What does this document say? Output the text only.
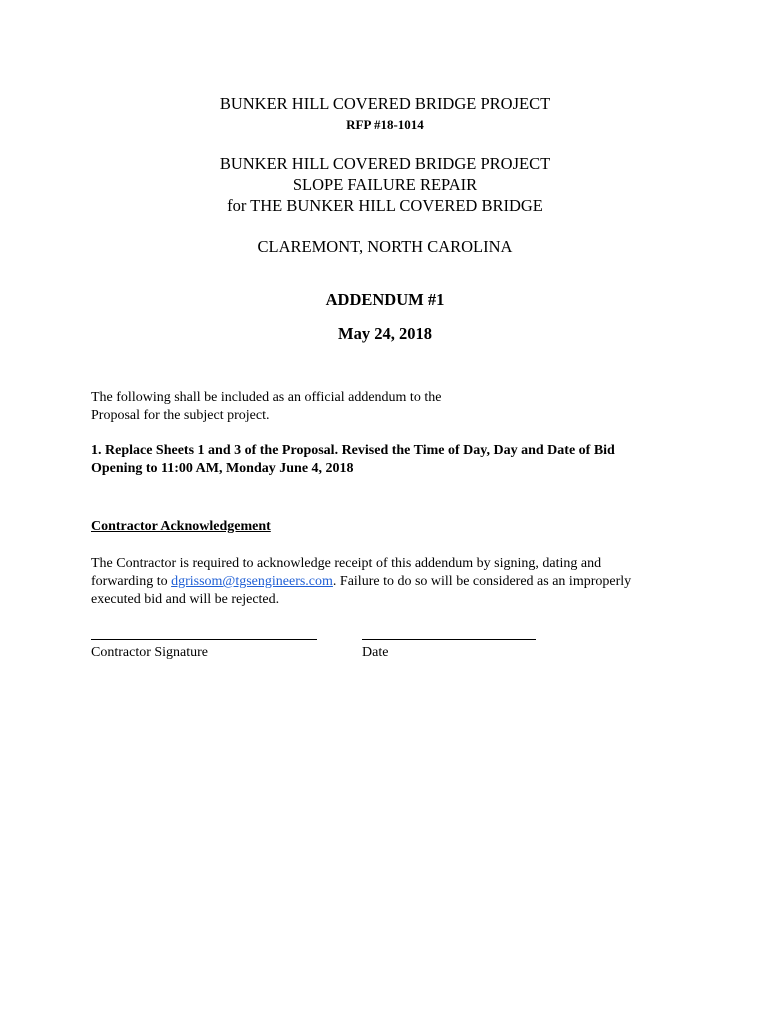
BUNKER HILL COVERED BRIDGE PROJECT
RFP #18-1014
BUNKER HILL COVERED BRIDGE PROJECT
SLOPE FAILURE REPAIR
for THE BUNKER HILL COVERED BRIDGE
CLAREMONT, NORTH CAROLINA
ADDENDUM #1
May 24, 2018
The following shall be included as an official addendum to the
Proposal for the subject project.
1. Replace Sheets 1 and 3 of the Proposal. Revised the Time of Day, Day and Date of Bid
Opening to 11:00 AM, Monday June 4, 2018
Contractor Acknowledgement
The Contractor is required to acknowledge receipt of this addendum by signing, dating and
forwarding to dgrissom@tgsengineers.com. Failure to do so will be considered as an improperly
executed bid and will be rejected.
Contractor Signature	Date
